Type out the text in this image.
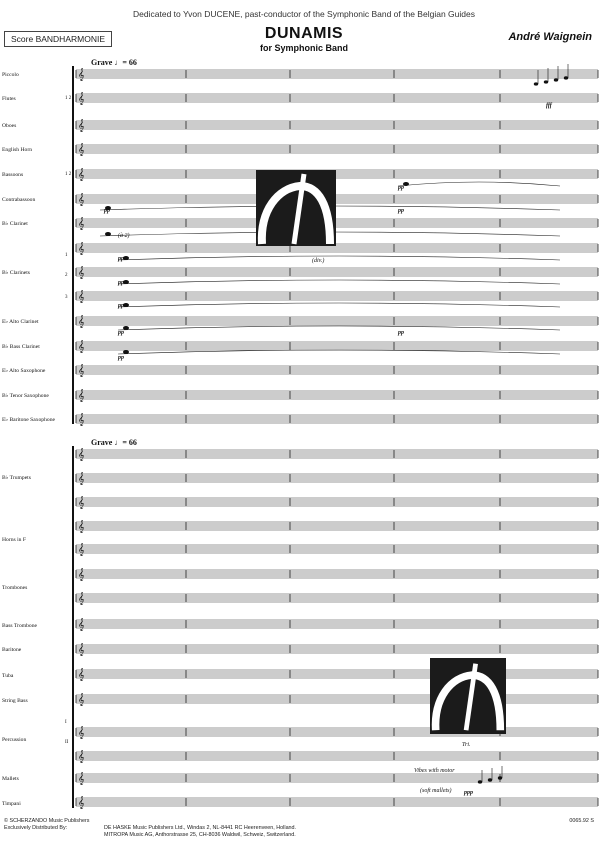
Dedicated to Yvon DUCENE, past-conductor of the Symphonic Band of the Belgian Guides
Score BANDHARMONIE	DUNAMIS
for Symphonic Band
André Waignein
Grave ♩= 66
Grave ♩= 66
𝄞
𝄞
𝄞
𝄞
𝄞
𝄞
𝄞
𝄞
𝄞
𝄞
𝄞
𝄞
𝄞
𝄞
𝄞
𝄞
𝄞
𝄞
𝄞
𝄞
𝄞
𝄞
𝄞
𝄞
𝄞
𝄞
𝄞
𝄞
𝄞
𝄞
Piccolo
Flutes	1 2
Oboes
English Horn
Bassoons	1 2
Contrabassoon
B♭ Clarinet
B♭ Clarinets
1
2
3
E♭ Alto Clarinet
B♭ Bass Clarinet
E♭ Alto Saxophone
B♭ Tenor Saxophone
E♭ Baritone Saxophone
B♭ Trumpets
Horns in F
Trombones
Bass Trombone
Baritone
Tuba
String Bass
Percussion
I
II
Mallets
Timpani
Vibes with motor
(soft mallets)
Tri.
(à 2)
(div.)
pp
pp
pp
pp
pp
pp
pp
pp
pp
ppp
fff
© SCHERZANDO Music Publishers
Exclusively Distributed By:	DE HASKE Music Publishers Ltd., Windas 2, NL-8441 RC Heerenveen, Holland.
MITROPA Music AG, Anthorstrasse 25, CH-8036 Waldwil, Schweiz, Switzerland.
0065.92 S
